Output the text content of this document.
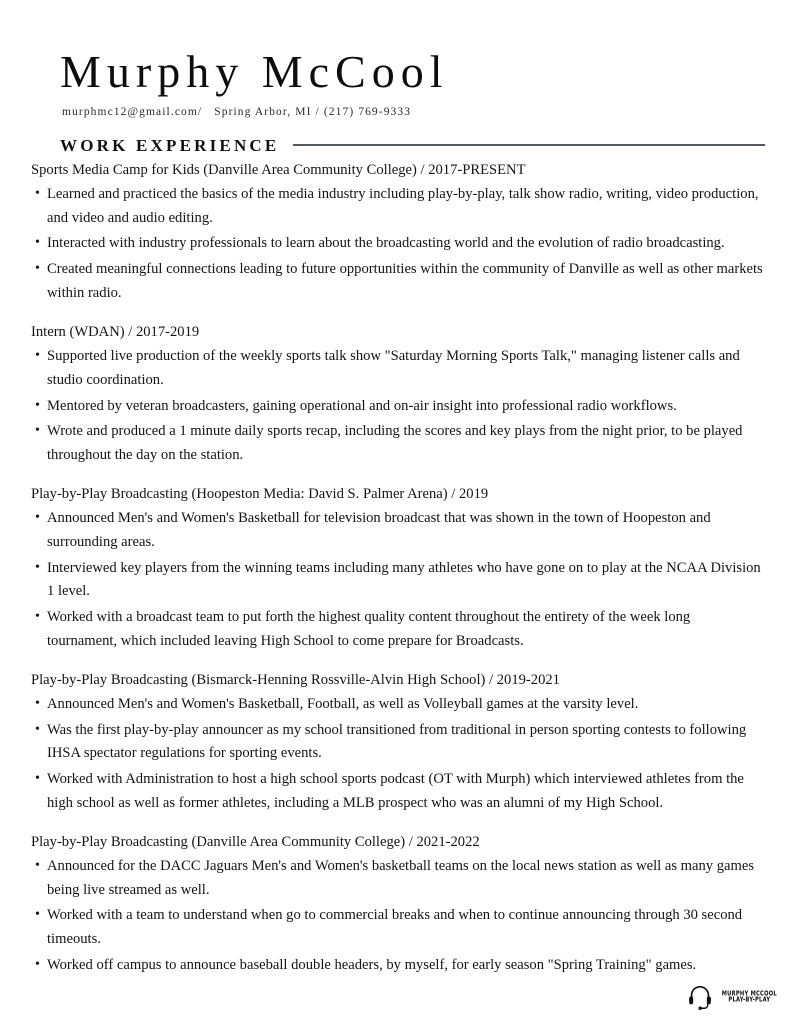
Murphy McCool
murphmc12@gmail.com/ Spring Arbor, MI / (217) 769-9333
WORK EXPERIENCE
Sports Media Camp for Kids (Danville Area Community College) / 2017-PRESENT
• Learned and practiced the basics of the media industry including play-by-play, talk show radio, writing, video production, and video and audio editing.
• Interacted with industry professionals to learn about the broadcasting world and the evolution of radio broadcasting.
• Created meaningful connections leading to future opportunities within the community of Danville as well as other markets within radio.
Intern (WDAN) / 2017-2019
• Supported live production of the weekly sports talk show "Saturday Morning Sports Talk," managing listener calls and studio coordination.
• Mentored by veteran broadcasters, gaining operational and on-air insight into professional radio workflows.
• Wrote and produced a 1 minute daily sports recap, including the scores and key plays from the night prior, to be played throughout the day on the station.
Play-by-Play Broadcasting (Hoopeston Media: David S. Palmer Arena) / 2019
• Announced Men's and Women's Basketball for television broadcast that was shown in the town of Hoopeston and surrounding areas.
• Interviewed key players from the winning teams including many athletes who have gone on to play at the NCAA Division 1 level.
• Worked with a broadcast team to put forth the highest quality content throughout the entirety of the week long tournament, which included leaving High School to come prepare for Broadcasts.
Play-by-Play Broadcasting (Bismarck-Henning Rossville-Alvin High School) / 2019-2021
• Announced Men's and Women's Basketball, Football, as well as Volleyball games at the varsity level.
• Was the first play-by-play announcer as my school transitioned from traditional in person sporting contests to following IHSA spectator regulations for sporting events.
• Worked with Administration to host a high school sports podcast (OT with Murph) which interviewed athletes from the high school as well as former athletes, including a MLB prospect who was an alumni of my High School.
Play-by-Play Broadcasting (Danville Area Community College) / 2021-2022
• Announced for the DACC Jaguars Men's and Women's basketball teams on the local news station as well as many games being live streamed as well.
• Worked with a team to understand when go to commercial breaks and when to continue announcing through 30 second timeouts.
• Worked off campus to announce baseball double headers, by myself, for early season "Spring Training" games.
MURPHY MCCOOL
PLAY-BY-PLAY
